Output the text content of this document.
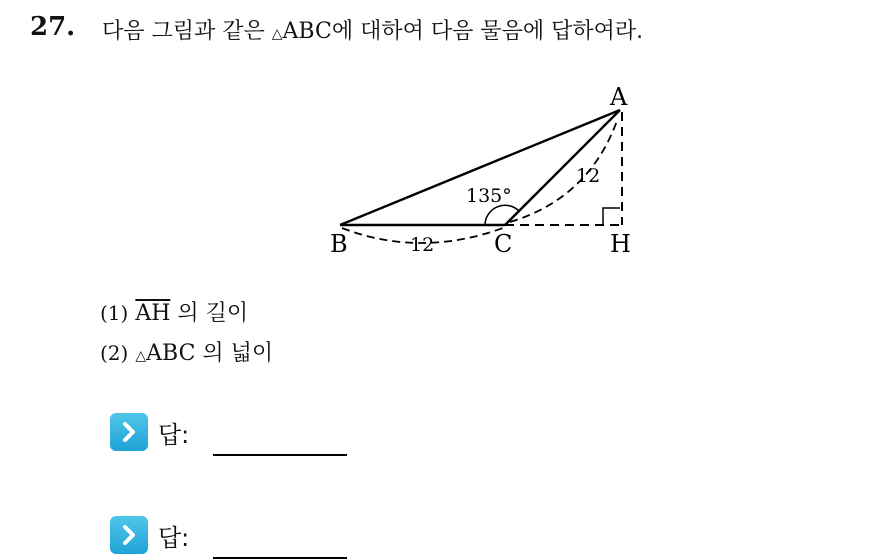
27. 다음 그림과 같은 △ABC에 대하여 다음 물음에 답하여라.
A
B	C	H
135°
12
12
(1) $\overline{AH}$ 의 길이
(2) △ABC 의 넓이
답:
답:
